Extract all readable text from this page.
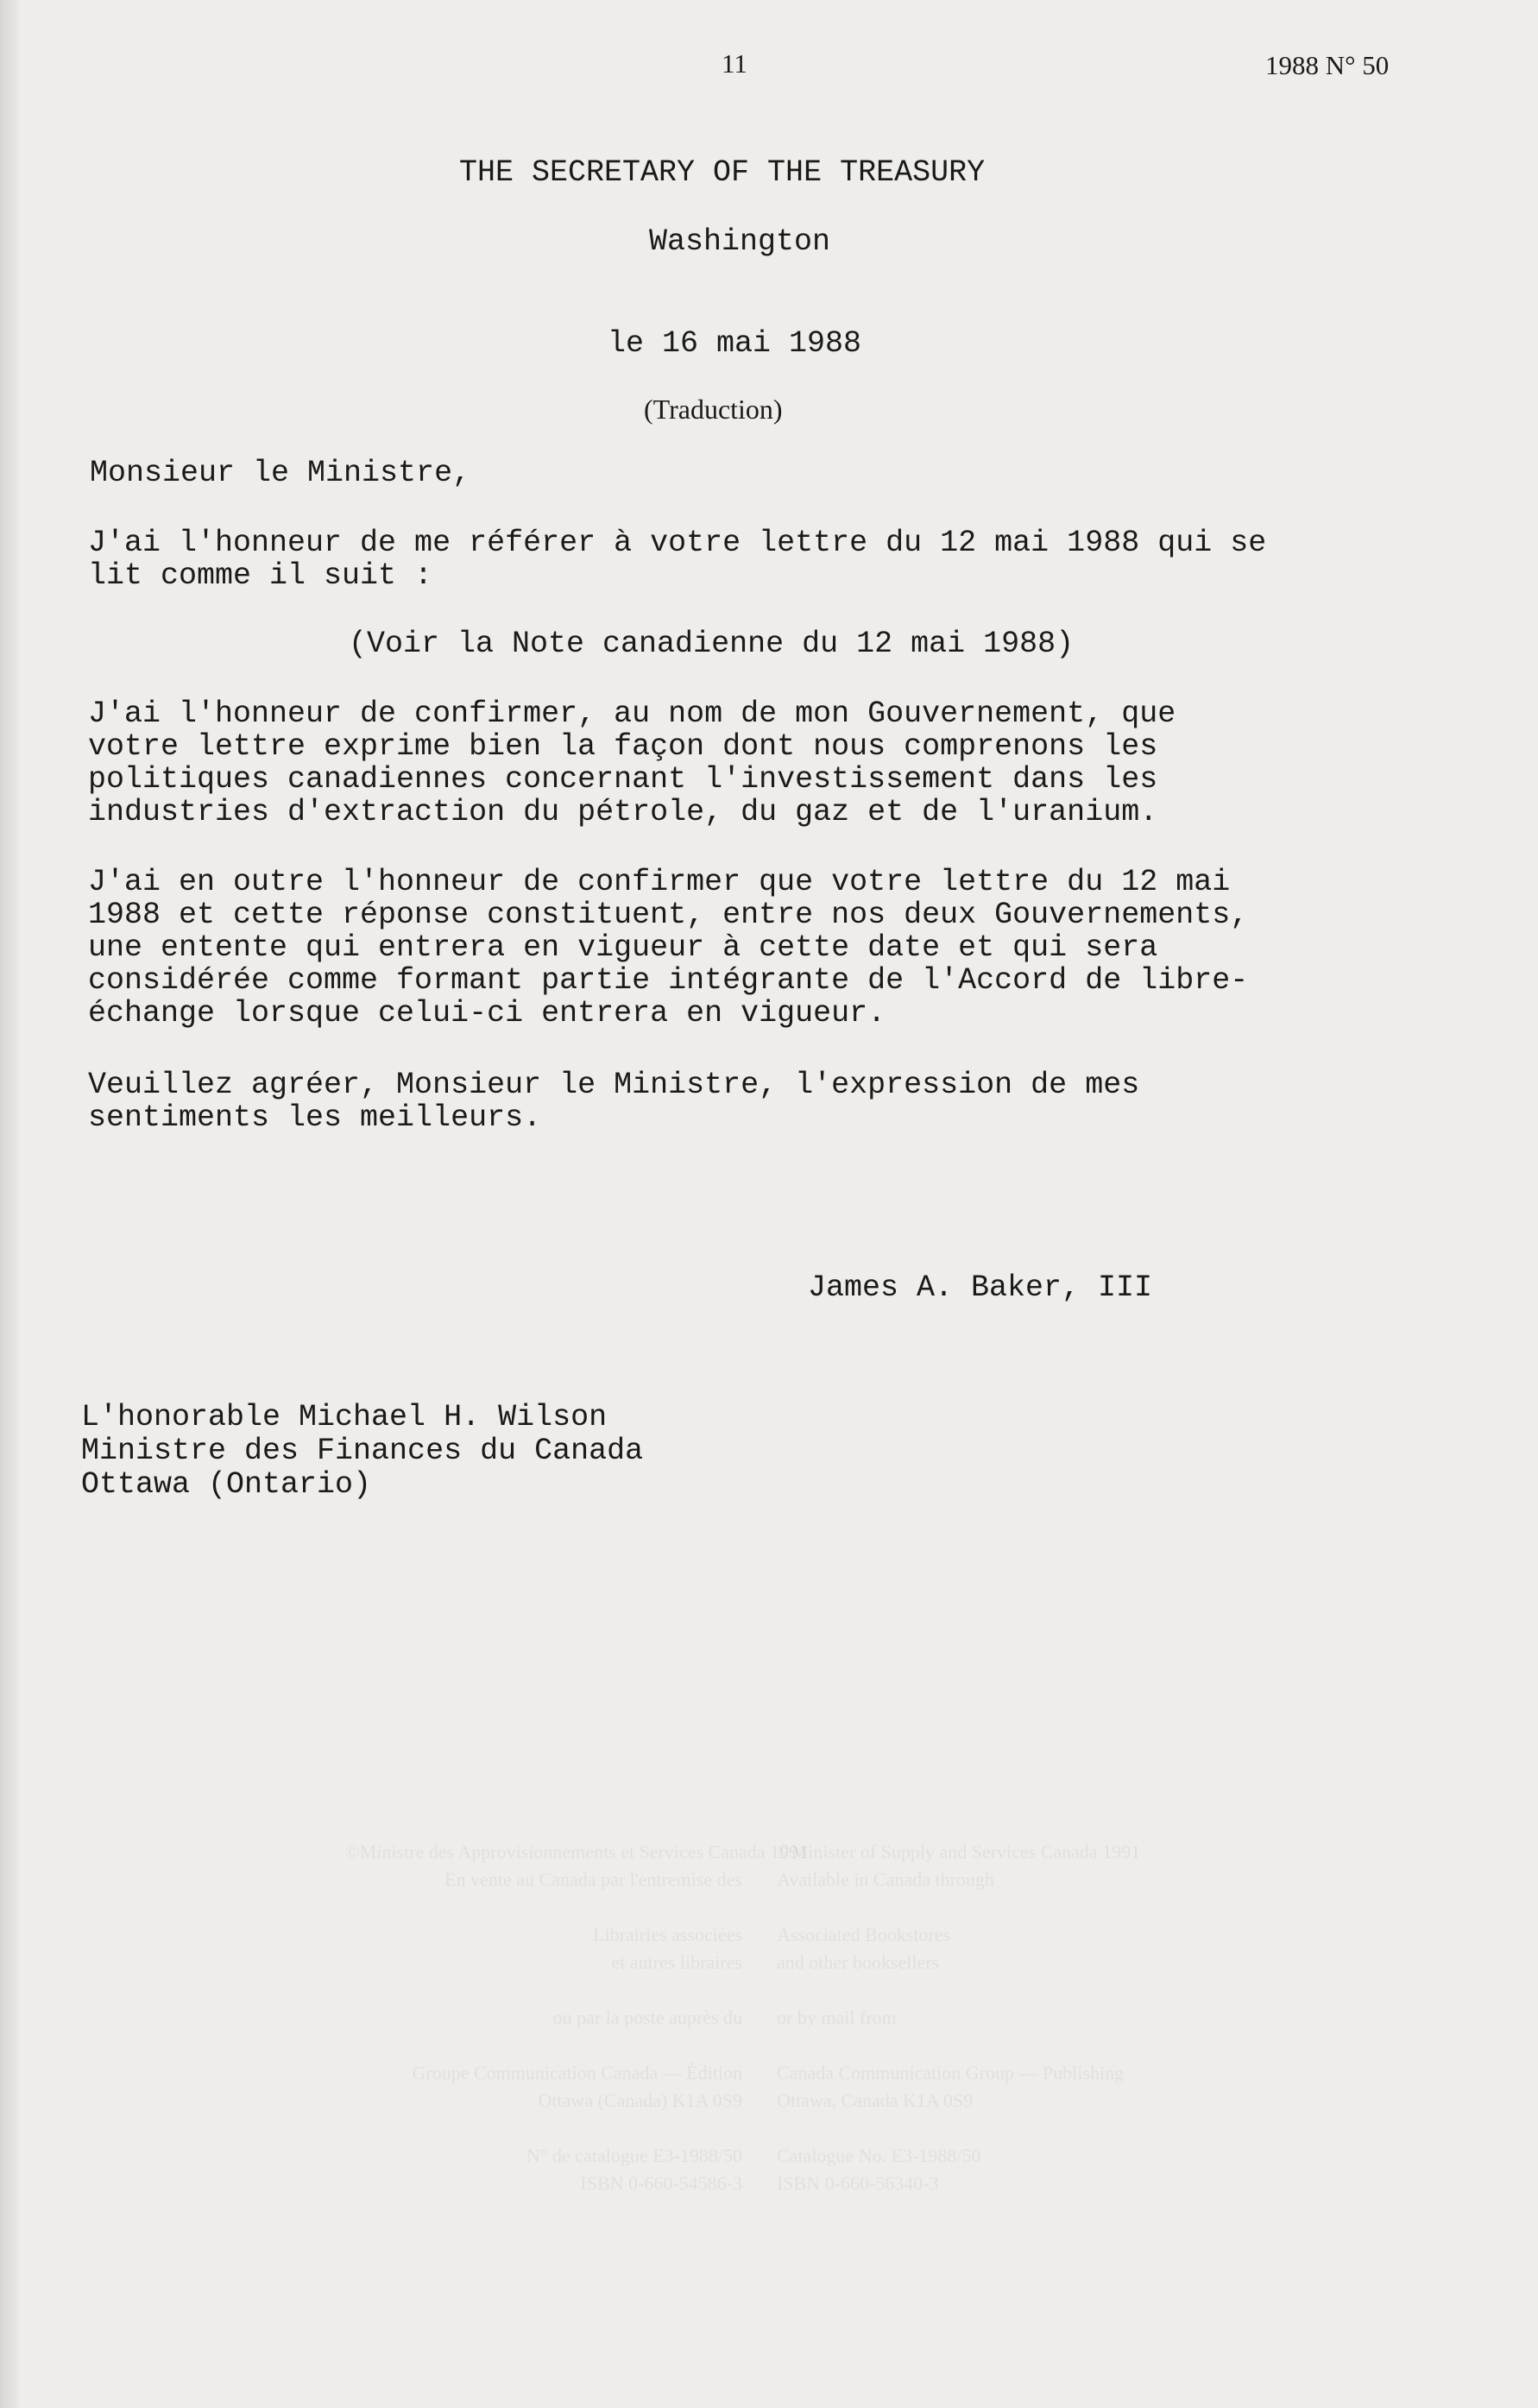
©Ministre des Approvisionnements et Services Canada 1991
En vente au Canada par l'entremise des

Librairies associées
et autres libraires

ou par la poste auprès du

Groupe Communication Canada — Édition
Ottawa (Canada) K1A 0S9

N° de catalogue E3-1988/50
ISBN 0-660-54586-3
©Minister of Supply and Services Canada 1991
Available in Canada through

Associated Bookstores
and other booksellers

or by mail from

Canada Communication Group — Publishing
Ottawa, Canada K1A 0S9

Catalogue No. E3-1988/50
ISBN 0-660-56340-3
11	1988 N° 50
THE SECRETARY OF THE TREASURY
Washington
le 16 mai 1988
(Traduction)
Monsieur le Ministre,
J'ai l'honneur de me référer à votre lettre du 12 mai 1988 qui se
lit comme il suit :
(Voir la Note canadienne du 12 mai 1988)
J'ai l'honneur de confirmer, au nom de mon Gouvernement, que
votre lettre exprime bien la façon dont nous comprenons les
politiques canadiennes concernant l'investissement dans les
industries d'extraction du pétrole, du gaz et de l'uranium.
J'ai en outre l'honneur de confirmer que votre lettre du 12 mai
1988 et cette réponse constituent, entre nos deux Gouvernements,
une entente qui entrera en vigueur à cette date et qui sera
considérée comme formant partie intégrante de l'Accord de libre-
échange lorsque celui-ci entrera en vigueur.
Veuillez agréer, Monsieur le Ministre, l'expression de mes
sentiments les meilleurs.
James A. Baker, III
L'honorable Michael H. Wilson
Ministre des Finances du Canada
Ottawa (Ontario)
